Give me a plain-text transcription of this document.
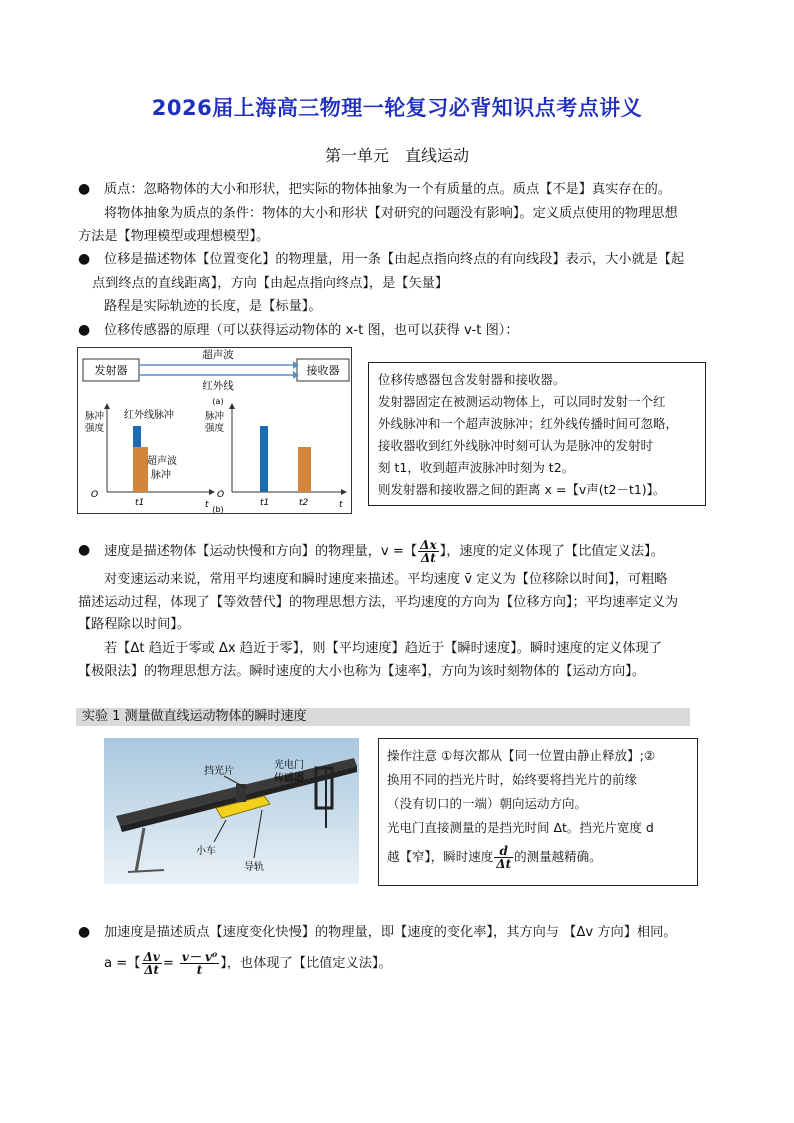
2026届上海高三物理一轮复习必背知识点考点讲义
第一单元　直线运动
● 质点：忽略物体的大小和形状，把实际的物体抽象为一个有质量的点。质点【不是】真实存在的。
将物体抽象为质点的条件：物体的大小和形状【对研究的问题没有影响】。定义质点使用的物理思想
方法是【物理模型或理想模型】。
● 位移是描述物体【位置变化】的物理量，用一条【由起点指向终点的有向线段】表示，大小就是【起
点到终点的直线距离】，方向【由起点指向终点】，是【矢量】
路程是实际轨迹的长度，是【标量】。
● 位移传感器的原理（可以获得运动物体的 x-t 图，也可以获得 v-t 图）：
发射器	接收器
超声波
红外线
(a)
脉冲
强度
O
红外线脉冲
超声波
脉冲
t1	t
脉冲
强度
O
t1	t2	t
(b)
位移传感器包含发射器和接收器。
发射器固定在被测运动物体上，可以同时发射一个红
外线脉冲和一个超声波脉冲；红外线传播时间可忽略，
接收器收到红外线脉冲时刻可认为是脉冲的发射时
刻 t1，收到超声波脉冲时刻为 t2。
则发射器和接收器之间的距离 x =【v声(t2－t1)】。
● 速度是描述物体【运动快慢和方向】的物理量，v =【 $\frac{\Delta x}{\Delta t}$ 】，速度的定义体现了【比值定义法】。
对变速运动来说，常用平均速度和瞬时速度来描述。平均速度 v̄ 定义为【位移除以时间】，可粗略
描述运动过程，体现了【等效替代】的物理思想方法，平均速度的方向为【位移方向】；平均速率定义为
【路程除以时间】。
若【Δt 趋近于零或 Δx 趋近于零】，则【平均速度】趋近于【瞬时速度】。瞬时速度的定义体现了
【极限法】的物理思想方法。瞬时速度的大小也称为【速率】，方向为该时刻物体的【运动方向】。
实验 1 测量做直线运动物体的瞬时速度
挡光片
光电门
传感器
小车
导轨
操作注意 ①每次都从【同一位置由静止释放】;②
换用不同的挡光片时，始终要将挡光片的前缘
（没有切口的一端）朝向运动方向。
光电门直接测量的是挡光时间 Δt。挡光片宽度 d
越【窄】，瞬时速度 $\frac{d}{\Delta t}$ 的测量越精确。
● 加速度是描述质点【速度变化快慢】的物理量，即【速度的变化率】，其方向与 【Δv 方向】相同。
a =【 $\frac{\Delta v}{\Delta t} = \frac{\text{v－ v⁰}}{t}$ 】，也体现了【比值定义法】。
